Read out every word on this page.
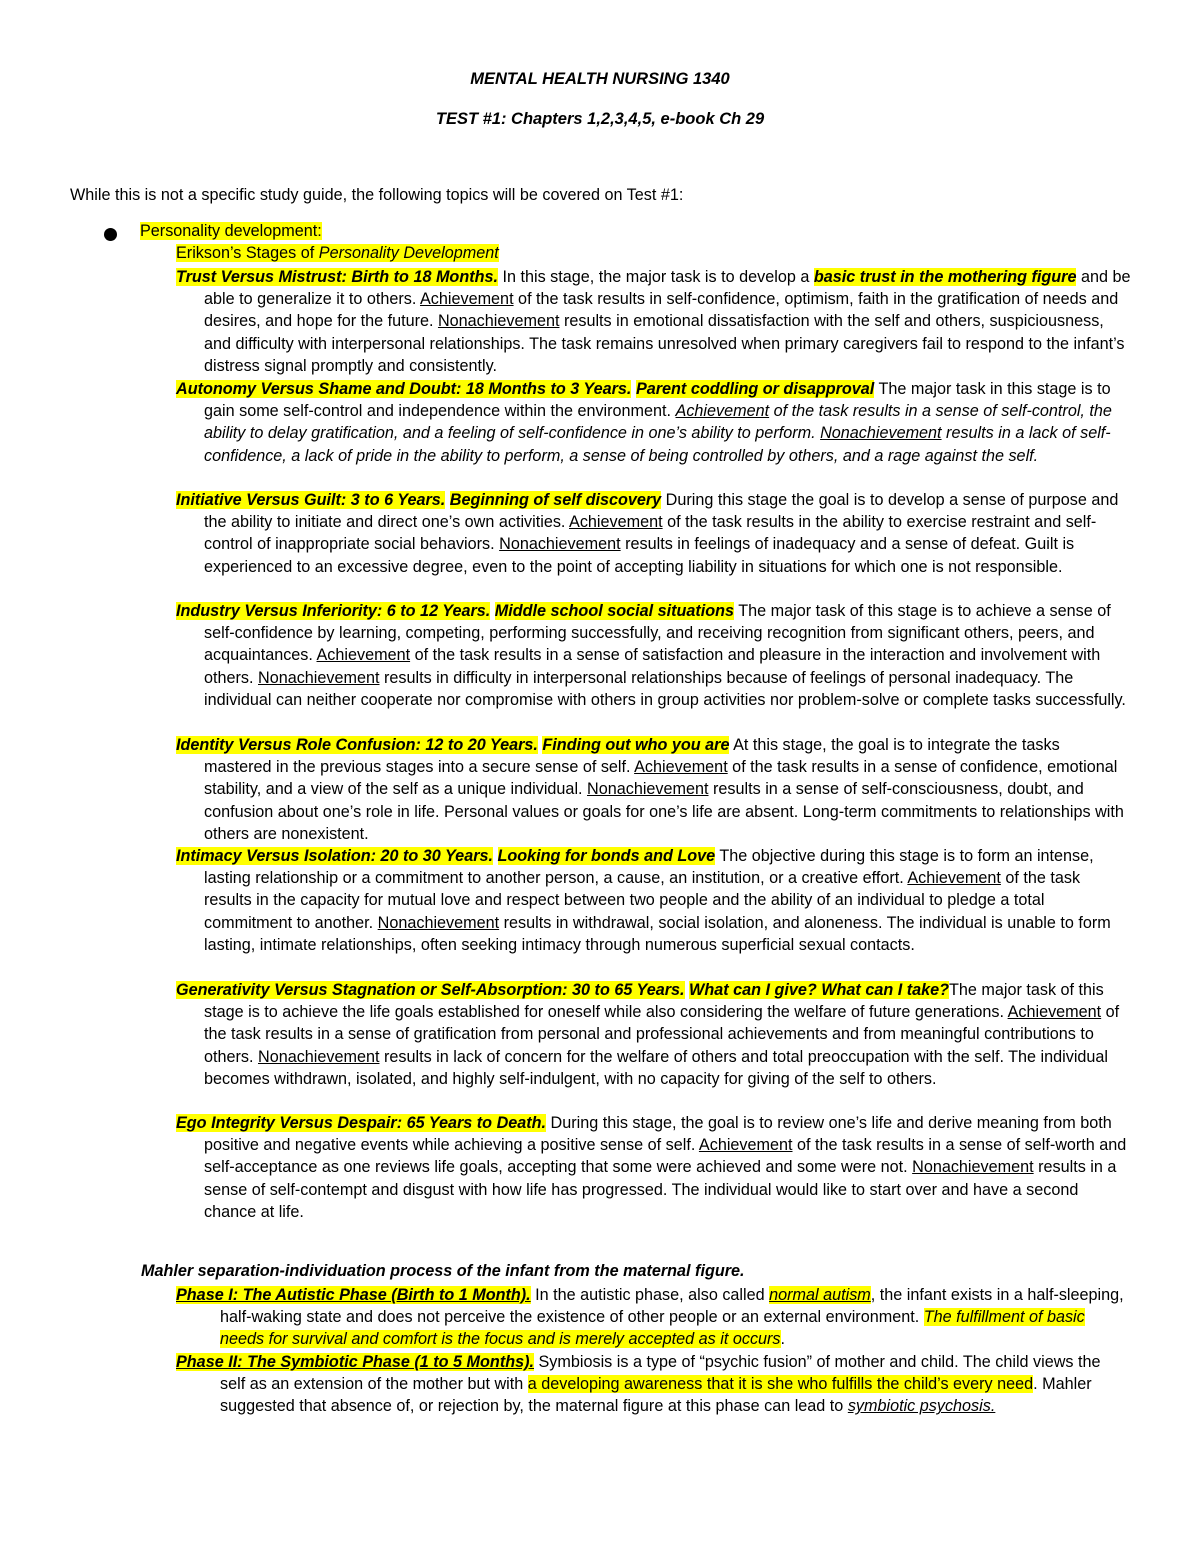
MENTAL HEALTH NURSING 1340
TEST #1: Chapters 1,2,3,4,5, e-book Ch 29
While this is not a specific study guide, the following topics will be covered on Test #1:
Personality development:
Erikson’s Stages of Personality Development

Trust Versus Mistrust: Birth to 18 Months. In this stage, the major task is to develop a basic trust in the mothering figure and be able to generalize it to others. Achievement of the task results in self-confidence, optimism, faith in the gratification of needs and desires, and hope for the future. Nonachievement results in emotional dissatisfaction with the self and others, suspiciousness, and difficulty with interpersonal relationships. The task remains unresolved when primary caregivers fail to respond to the infant’s distress signal promptly and consistently.

Autonomy Versus Shame and Doubt: 18 Months to 3 Years. Parent coddling or disapproval The major task in this stage is to gain some self-control and independence within the environment. Achievement of the task results in a sense of self-control, the ability to delay gratification, and a feeling of self-confidence in one’s ability to perform. Nonachievement results in a lack of self-confidence, a lack of pride in the ability to perform, a sense of being controlled by others, and a rage against the self.

Initiative Versus Guilt: 3 to 6 Years. Beginning of self discovery During this stage the goal is to develop a sense of purpose and the ability to initiate and direct one’s own activities. Achievement of the task results in the ability to exercise restraint and self-control of inappropriate social behaviors. Nonachievement results in feelings of inadequacy and a sense of defeat. Guilt is experienced to an excessive degree, even to the point of accepting liability in situations for which one is not responsible.

Industry Versus Inferiority: 6 to 12 Years. Middle school social situations The major task of this stage is to achieve a sense of self-confidence by learning, competing, performing successfully, and receiving recognition from significant others, peers, and acquaintances. Achievement of the task results in a sense of satisfaction and pleasure in the interaction and involvement with others. Nonachievement results in difficulty in interpersonal relationships because of feelings of personal inadequacy. The individual can neither cooperate nor compromise with others in group activities nor problem-solve or complete tasks successfully.

Identity Versus Role Confusion: 12 to 20 Years. Finding out who you are At this stage, the goal is to integrate the tasks mastered in the previous stages into a secure sense of self. Achievement of the task results in a sense of confidence, emotional stability, and a view of the self as a unique individual. Nonachievement results in a sense of self-consciousness, doubt, and confusion about one’s role in life. Personal values or goals for one’s life are absent. Long-term commitments to relationships with others are nonexistent.

Intimacy Versus Isolation: 20 to 30 Years. Looking for bonds and Love The objective during this stage is to form an intense, lasting relationship or a commitment to another person, a cause, an institution, or a creative effort. Achievement of the task results in the capacity for mutual love and respect between two people and the ability of an individual to pledge a total commitment to another. Nonachievement results in withdrawal, social isolation, and aloneness. The individual is unable to form lasting, intimate relationships, often seeking intimacy through numerous superficial sexual contacts.

Generativity Versus Stagnation or Self-Absorption: 30 to 65 Years. What can I give? What can I take?The major task of this stage is to achieve the life goals established for oneself while also considering the welfare of future generations. Achievement of the task results in a sense of gratification from personal and professional achievements and from meaningful contributions to others. Nonachievement results in lack of concern for the welfare of others and total preoccupation with the self. The individual becomes withdrawn, isolated, and highly self-indulgent, with no capacity for giving of the self to others.

Ego Integrity Versus Despair: 65 Years to Death. During this stage, the goal is to review one’s life and derive meaning from both positive and negative events while achieving a positive sense of self. Achievement of the task results in a sense of self-worth and self-acceptance as one reviews life goals, accepting that some were achieved and some were not. Nonachievement results in a sense of self-contempt and disgust with how life has progressed. The individual would like to start over and have a second chance at life.

Mahler separation-individuation process of the infant from the maternal figure.

Phase I: The Autistic Phase (Birth to 1 Month). In the autistic phase, also called normal autism, the infant exists in a half-sleeping, half-waking state and does not perceive the existence of other people or an external environment. The fulfillment of basic needs for survival and comfort is the focus and is merely accepted as it occurs.

Phase II: The Symbiotic Phase (1 to 5 Months). Symbiosis is a type of “psychic fusion” of mother and child. The child views the self as an extension of the mother but with a developing awareness that it is she who fulfills the child’s every need. Mahler suggested that absence of, or rejection by, the maternal figure at this phase can lead to symbiotic psychosis.
